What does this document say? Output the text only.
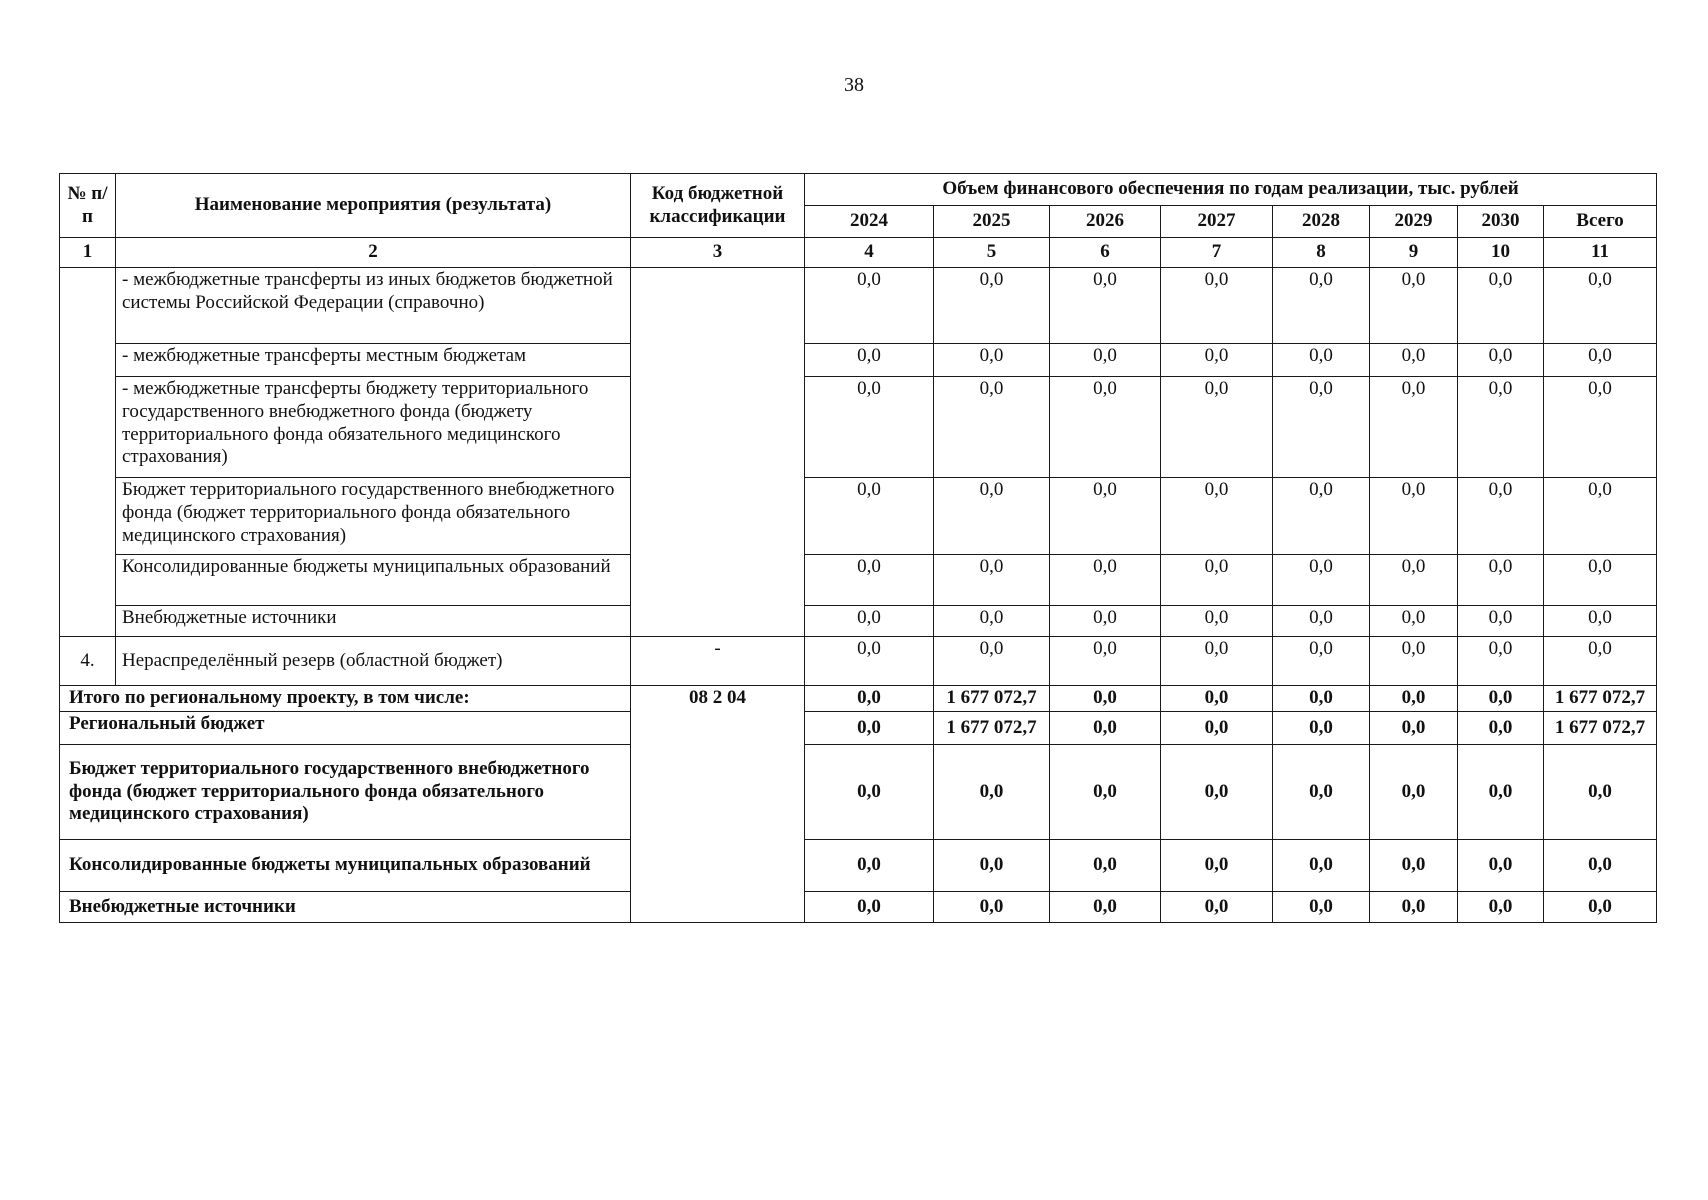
38
№ п/п	Наименование мероприятия (результата)	Код бюджетной классификации	Объем финансового обеспечения по годам реализации, тыс. рублей							
			2024	2025	2026	2027	2028	2029	2030	Всего
1	2	3	4	5	6	7	8	9	10	11
	- межбюджетные трансферты из иных бюджетов бюджетной системы Российской Федерации (справочно)		0,0	0,0	0,0	0,0	0,0	0,0	0,0	0,0
	- межбюджетные трансферты местным бюджетам		0,0	0,0	0,0	0,0	0,0	0,0	0,0	0,0
	- межбюджетные трансферты бюджету территориального государственного внебюджетного фонда (бюджету территориального фонда обязательного медицинского страхования)		0,0	0,0	0,0	0,0	0,0	0,0	0,0	0,0
	Бюджет территориального государственного внебюджетного фонда (бюджет территориального фонда обязательного медицинского страхования)		0,0	0,0	0,0	0,0	0,0	0,0	0,0	0,0
	Консолидированные бюджеты муниципальных образований		0,0	0,0	0,0	0,0	0,0	0,0	0,0	0,0
	Внебюджетные источники		0,0	0,0	0,0	0,0	0,0	0,0	0,0	0,0
4.	Нераспределённый резерв (областной бюджет)	-	0,0	0,0	0,0	0,0	0,0	0,0	0,0	0,0
Итого по региональному проекту, в том числе:		08 2 04	0,0	1 677 072,7	0,0	0,0	0,0	0,0	0,0	1 677 072,7
Региональный бюджет			0,0	1 677 072,7	0,0	0,0	0,0	0,0	0,0	1 677 072,7
Бюджет территориального государственного внебюджетного фонда (бюджет территориального фонда обязательного медицинского страхования)			0,0	0,0	0,0	0,0	0,0	0,0	0,0	0,0
Консолидированные бюджеты муниципальных образований			0,0	0,0	0,0	0,0	0,0	0,0	0,0	0,0
Внебюджетные источники			0,0	0,0	0,0	0,0	0,0	0,0	0,0	0,0
